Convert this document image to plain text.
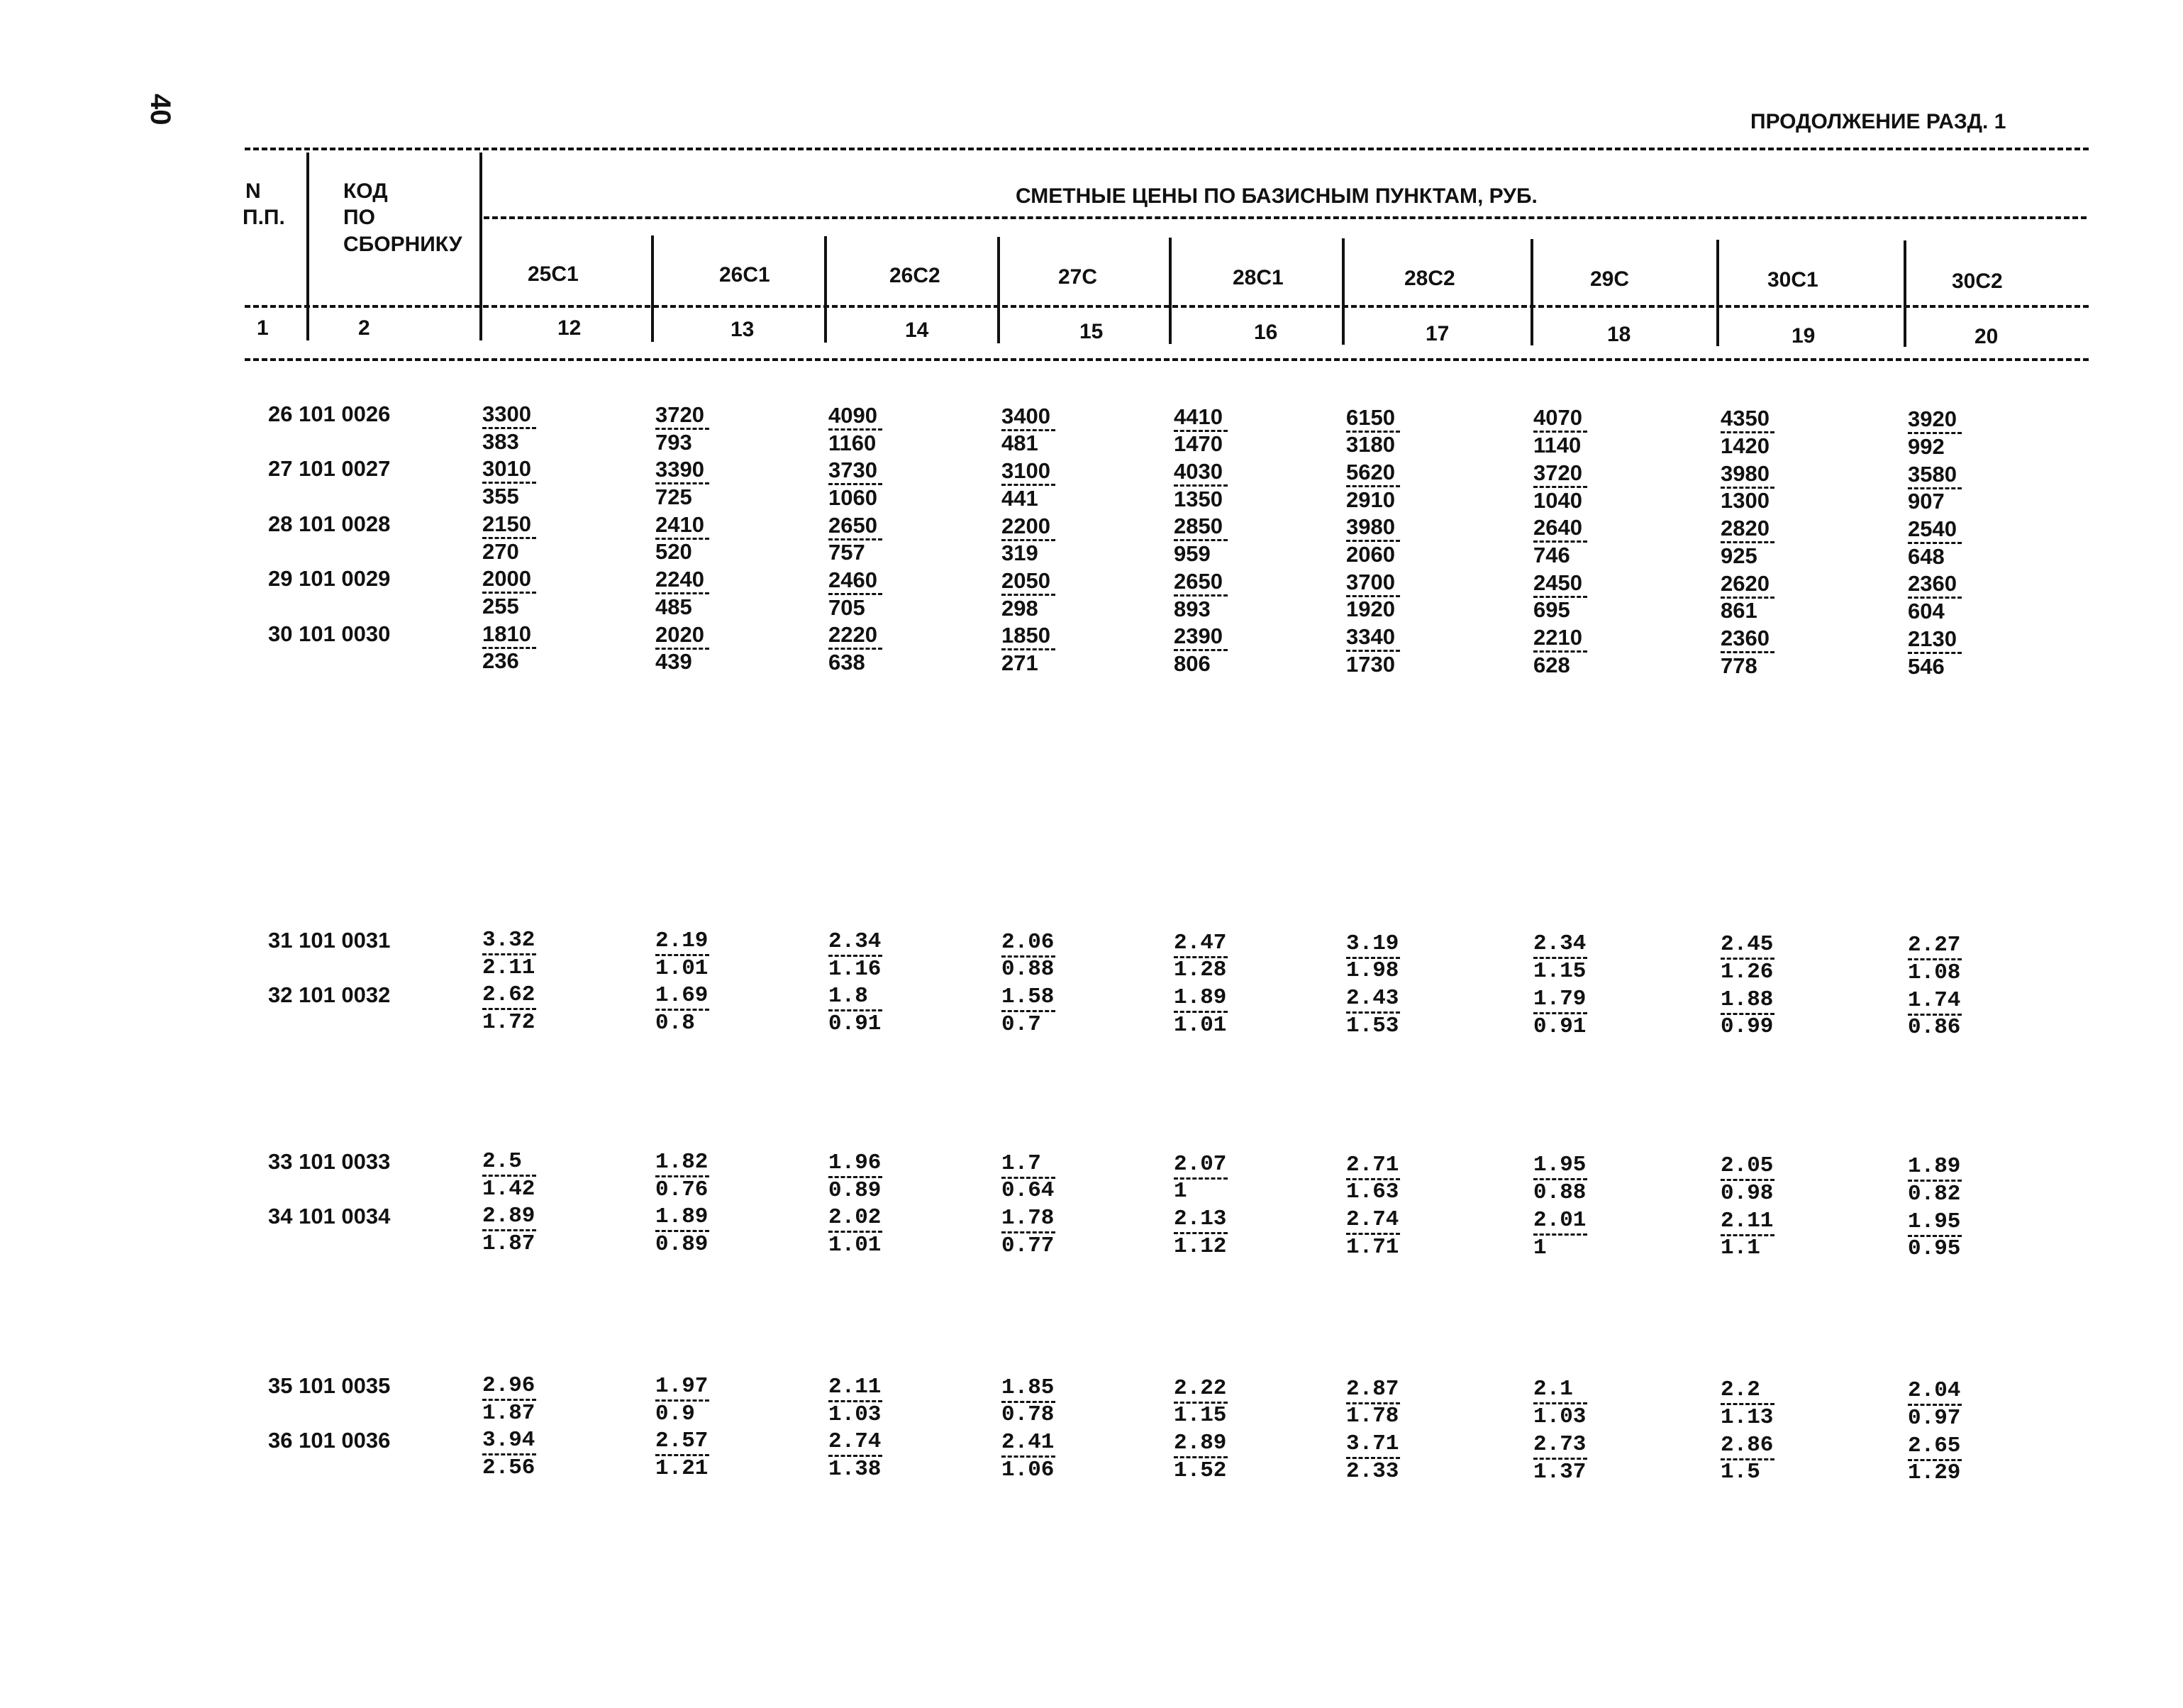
40	ПРОДОЛЖЕНИЕ РАЗД. 1
N
П.П.
КОД
ПО
СБОРНИКУ
СМЕТНЫЕ ЦЕНЫ ПО БАЗИСНЫМ ПУНКТАМ, РУБ.
1	2
25С1
12
26С1
13
26С2
14
27С
15
28С1
16
28С2
17
29С
18
30С1
19
30С2
20
26 101 0026
27 101 0027
28 101 0028
29 101 0029
30 101 0030
3300
383
3010
355
2150
270
2000
255
1810
236
3720
793
3390
725
2410
520
2240
485
2020
439
4090
1160
3730
1060
2650
757
2460
705
2220
638
3400
481
3100
441
2200
319
2050
298
1850
271
4410
1470
4030
1350
2850
959
2650
893
2390
806
6150
3180
5620
2910
3980
2060
3700
1920
3340
1730
4070
1140
3720
1040
2640
746
2450
695
2210
628
4350
1420
3980
1300
2820
925
2620
861
2360
778
3920
992
3580
907
2540
648
2360
604
2130
546
31 101 0031
32 101 0032
3.32
2.11
2.62
1.72
2.19
1.01
1.69
0.8
2.34
1.16
1.8
0.91
2.06
0.88
1.58
0.7
2.47
1.28
1.89
1.01
3.19
1.98
2.43
1.53
2.34
1.15
1.79
0.91
2.45
1.26
1.88
0.99
2.27
1.08
1.74
0.86
33 101 0033
34 101 0034
2.5
1.42
2.89
1.87
1.82
0.76
1.89
0.89
1.96
0.89
2.02
1.01
1.7
0.64
1.78
0.77
2.07
1
2.13
1.12
2.71
1.63
2.74
1.71
1.95
0.88
2.01
1
2.05
0.98
2.11
1.1
1.89
0.82
1.95
0.95
35 101 0035
36 101 0036
2.96
1.87
3.94
2.56
1.97
0.9
2.57
1.21
2.11
1.03
2.74
1.38
1.85
0.78
2.41
1.06
2.22
1.15
2.89
1.52
2.87
1.78
3.71
2.33
2.1
1.03
2.73
1.37
2.2
1.13
2.86
1.5
2.04
0.97
2.65
1.29
